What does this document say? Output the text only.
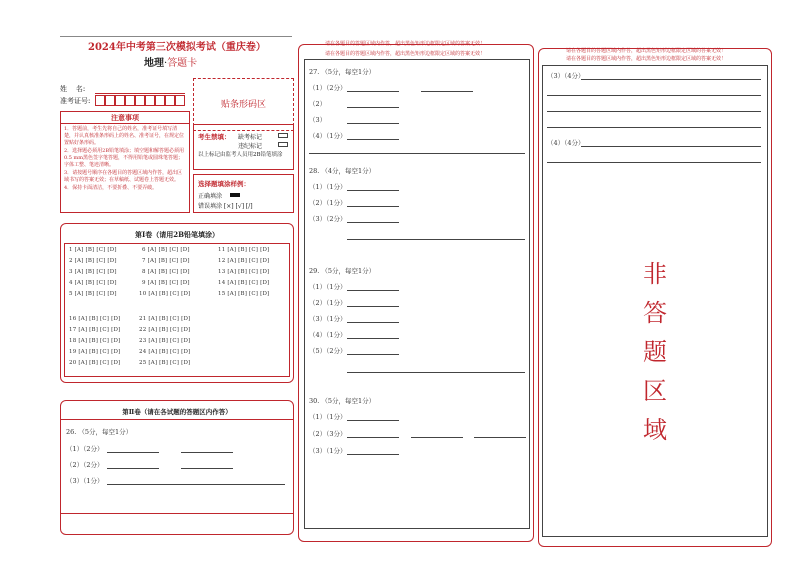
2024年中考第三次模拟考试（重庆卷）
地理·答题卡
姓    名:
准考证号:	贴条形码区
注意事项
1．答题前，考生先将自己的姓名，准考证号填写清楚，并认真核准条形码上的姓名、准考证号，在规定位置贴好条形码。
2．选择题必须用2B铅笔填涂；填空题和解答题必须用0.5 mm黑色签字笔答题，不得用铅笔或圆珠笔答题；字体工整、笔迹清晰。
3．请按题号顺序在各题目的答题区域内作答，超出区域书写的答案无效；在草稿纸、试题卷上答题无效。
4．保持卡面清洁，不要折叠、不要弄破。
考生禁填： 缺考标记
违纪标记
以上标记由监考人员用2B铅笔填涂
选择题填涂样例：
正确填涂
错误填涂 [×] [√] [/]
第Ⅰ卷（请用2B铅笔填涂）
1 [A] [B] [C] [D]
2 [A] [B] [C] [D]
3 [A] [B] [C] [D]
4 [A] [B] [C] [D]
5 [A] [B] [C] [D]
6 [A] [B] [C] [D]
7 [A] [B] [C] [D]
8 [A] [B] [C] [D]
9 [A] [B] [C] [D]
10 [A] [B] [C] [D]
11 [A] [B] [C] [D]
12 [A] [B] [C] [D]
13 [A] [B] [C] [D]
14 [A] [B] [C] [D]
15 [A] [B] [C] [D]
16 [A] [B] [C] [D]
17 [A] [B] [C] [D]
18 [A] [B] [C] [D]
19 [A] [B] [C] [D]
20 [A] [B] [C] [D]
21 [A] [B] [C] [D]
22 [A] [B] [C] [D]
23 [A] [B] [C] [D]
24 [A] [B] [C] [D]
25 [A] [B] [C] [D]
第Ⅱ卷（请在各试题的答题区内作答）
26. （5分，每空1分）
（1）（2分）
（2）（2分）
（3）（1分）
请在各题目的答题区域内作答，超出黑色矩形边框限定区域的答案无效！
请在各题目的答题区域内作答，超出黑色矩形边框限定区域的答案无效！
27. （5分，每空1分）
（1）（2分）
（2）
（3）
（4）（1分）
28. （4分，每空1分）
（1）（1分）
（2）（1分）
（3）（2分）
29. （5分，每空1分）
（1）（1分）
（2）（1分）
（3）（1分）
（4）（1分）
（5）（2分）
30. （5分，每空1分）
（1）（1分）
（2）（3分）
（3）（1分）
请在各题目的答题区域内作答，超出黑色矩形边框限定区域的答案无效！
请在各题目的答题区域内作答，超出黑色矩形边框限定区域的答案无效！
（3）（4分）
（4）（4分）
非
答
题
区
域
